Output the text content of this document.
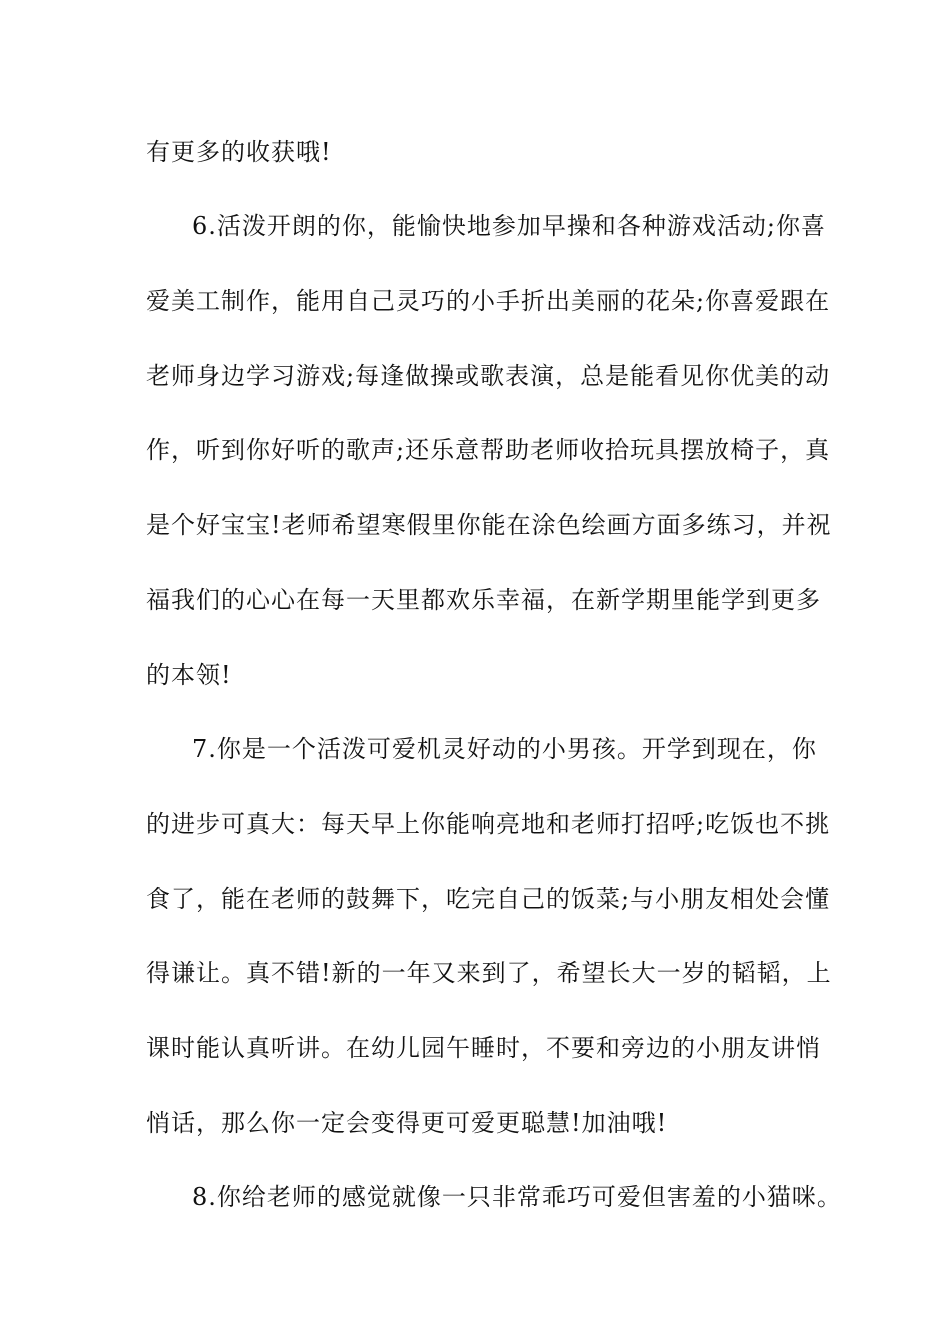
有更多的收获哦!
6.活泼开朗的你，能愉快地参加早操和各种游戏活动;你喜
爱美工制作，能用自己灵巧的小手折出美丽的花朵;你喜爱跟在
老师身边学习游戏;每逢做操或歌表演，总是能看见你优美的动
作，听到你好听的歌声;还乐意帮助老师收拾玩具摆放椅子，真
是个好宝宝!老师希望寒假里你能在涂色绘画方面多练习，并祝
福我们的心心在每一天里都欢乐幸福，在新学期里能学到更多
的本领!
7.你是一个活泼可爱机灵好动的小男孩。开学到现在，你
的进步可真大：每天早上你能响亮地和老师打招呼;吃饭也不挑
食了，能在老师的鼓舞下，吃完自己的饭菜;与小朋友相处会懂
得谦让。真不错!新的一年又来到了，希望长大一岁的韬韬，上
课时能认真听讲。在幼儿园午睡时，不要和旁边的小朋友讲悄
悄话，那么你一定会变得更可爱更聪慧!加油哦!
8.你给老师的感觉就像一只非常乖巧可爱但害羞的小猫咪。
